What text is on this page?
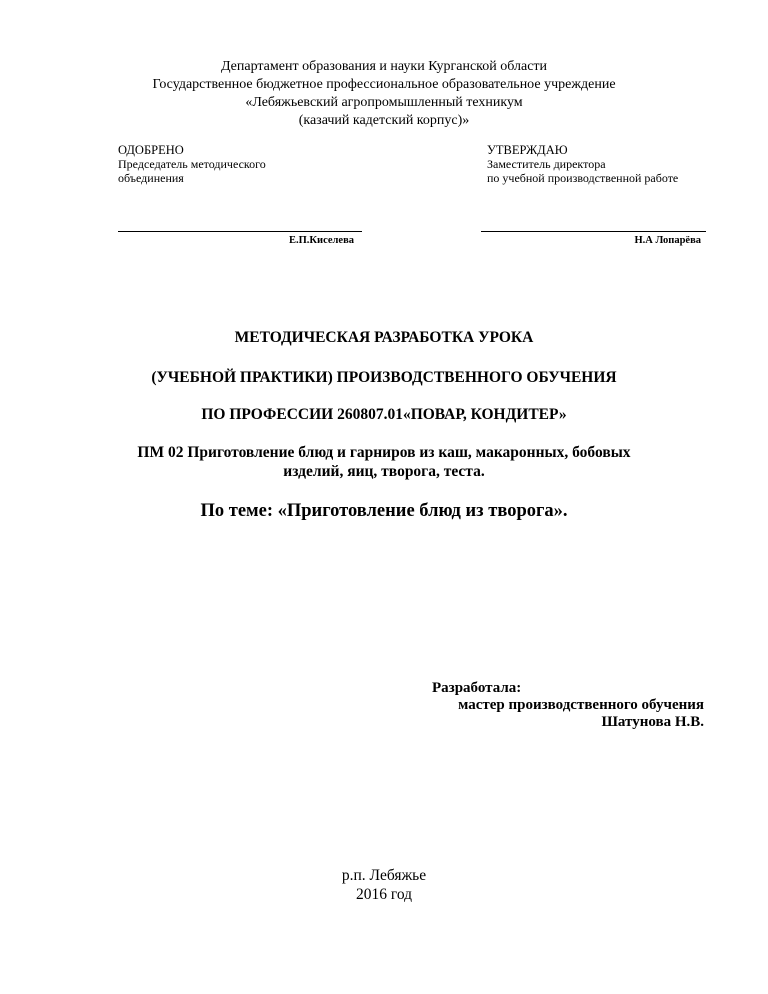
Департамент образования и науки Курганской области
Государственное бюджетное профессиональное образовательное учреждение
«Лебяжьевский агропромышленный техникум
(казачий кадетский корпус)»
ОДОБРЕНО
Председатель методического
объединения
УТВЕРЖДАЮ
Заместитель директора
по учебной производственной работе
Е.П.Киселева	Н.А Лопарёва
МЕТОДИЧЕСКАЯ РАЗРАБОТКА УРОКА
(УЧЕБНОЙ ПРАКТИКИ) ПРОИЗВОДСТВЕННОГО ОБУЧЕНИЯ
ПО ПРОФЕССИИ 260807.01«ПОВАР, КОНДИТЕР»
ПМ 02 Приготовление блюд и гарниров из каш, макаронных, бобовых
изделий, яиц, творога, теста.
По теме: «Приготовление блюд из творога».
Разработала:
мастер производственного обучения
Шатунова Н.В.
р.п. Лебяжье
2016 год
